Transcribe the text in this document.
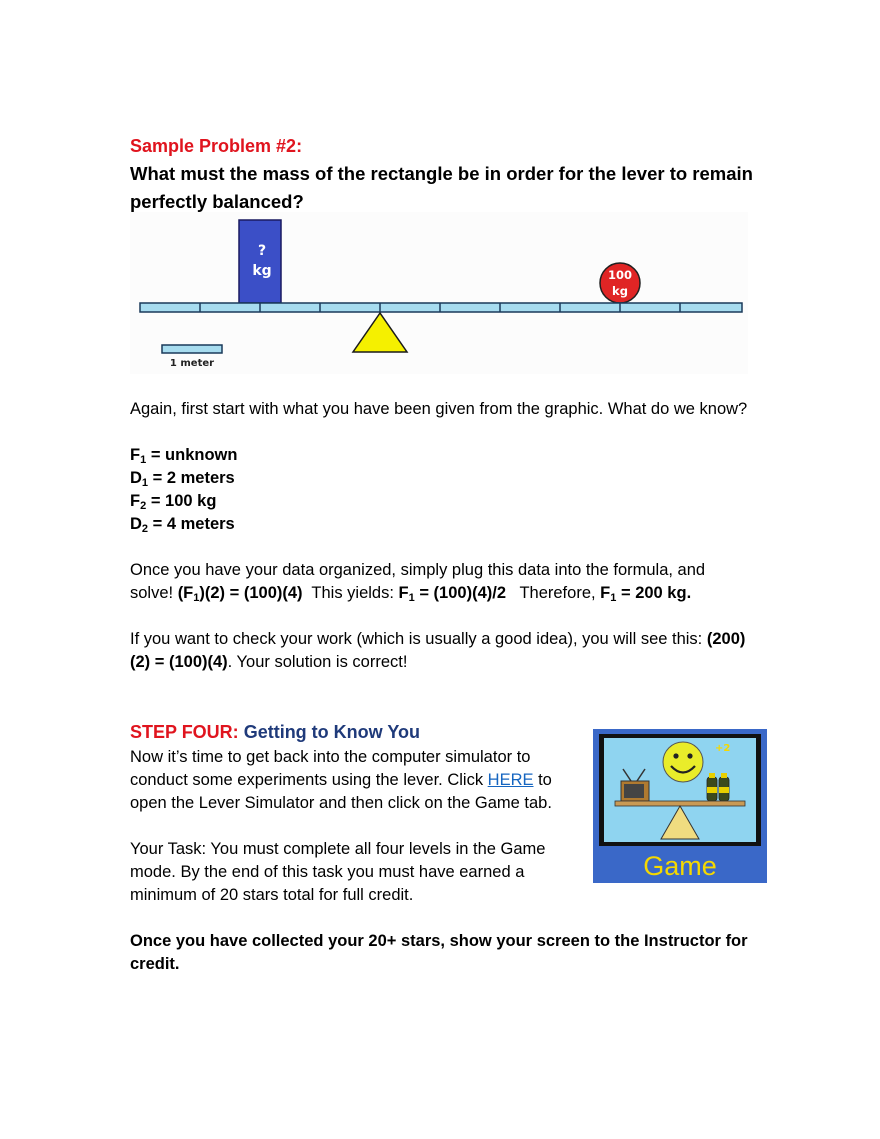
Sample Problem #2:

What must the mass of the rectangle be in order for the lever to remain perfectly balanced?

?
kg	100
kg
1 meter

Again, first start with what you have been given from the graphic. What do we know?

$F_1$ = unknown

$D_1 = 2$ meters

$F_2 = 100$ kg

$D_2 = 4$ meters

Once you have your data organized, simply plug this data into the formula, and solve! $(F_1)(2) = (100)(4)$  This yields: $F_1 = (100)(4)/2$   Therefore, $F_1 = 200$ kg.

If you want to check your work (which is usually a good idea), you will see this: (200)(2) = (100)(4). Your solution is correct!

STEP FOUR: Getting to Know You

Now it’s time to get back into the computer simulator to conduct some experiments using the lever. Click HERE to open the Lever Simulator and then click on the Game tab.

Your Task: You must complete all four levels in the Game mode. By the end of this task you must have earned a minimum of 20 stars total for full credit.

Once you have collected your 20+ stars, show your screen to the Instructor for credit.

+2
Game
